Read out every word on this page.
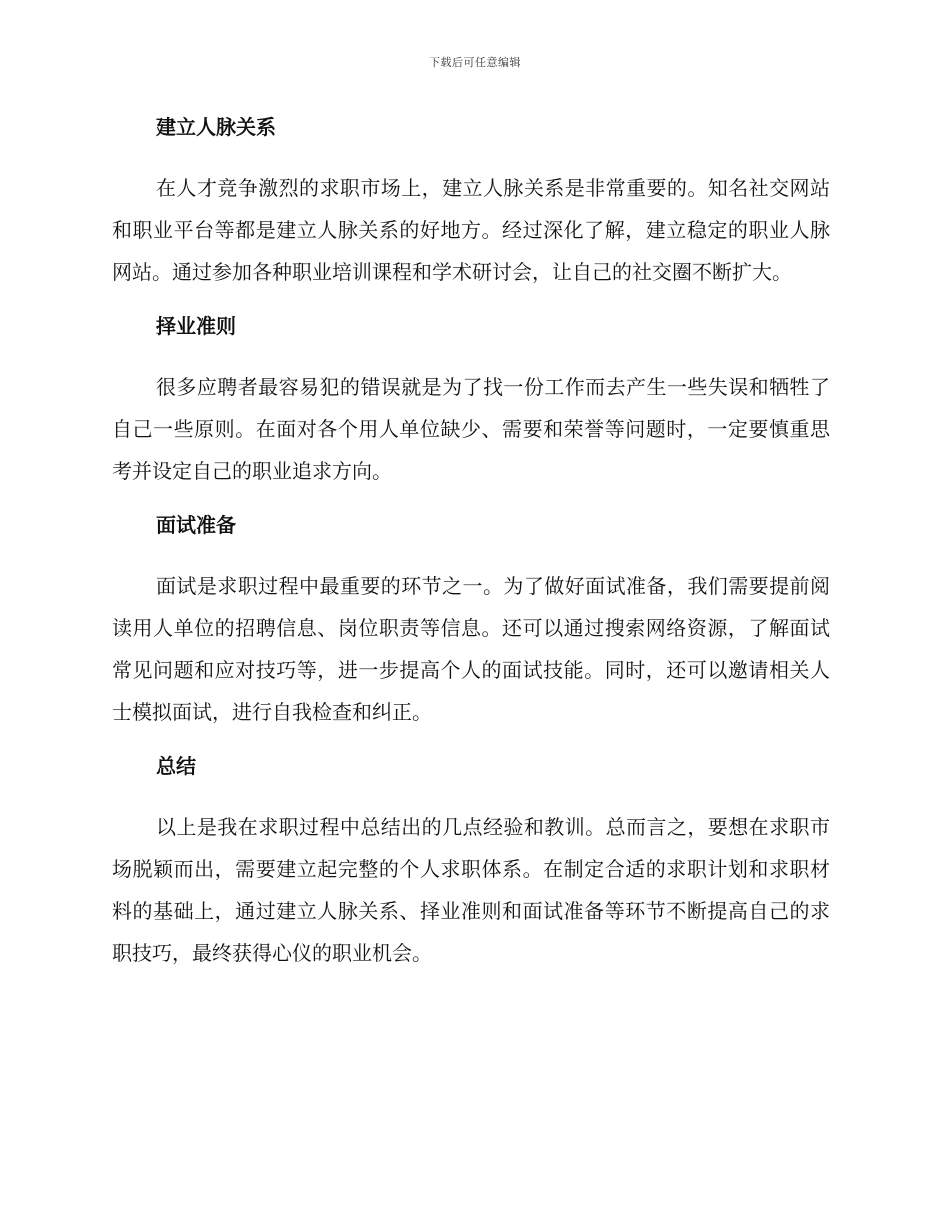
下载后可任意编辑
建立人脉关系

在人才竞争激烈的求职市场上，建立人脉关系是非常重要的。知名社交网站和职业平台等都是建立人脉关系的好地方。经过深化了解，建立稳定的职业人脉网站。通过参加各种职业培训课程和学术研讨会，让自己的社交圈不断扩大。

择业准则

很多应聘者最容易犯的错误就是为了找一份工作而去产生一些失误和牺牲了自己一些原则。在面对各个用人单位缺少、需要和荣誉等问题时，一定要慎重思考并设定自己的职业追求方向。

面试准备

面试是求职过程中最重要的环节之一。为了做好面试准备，我们需要提前阅读用人单位的招聘信息、岗位职责等信息。还可以通过搜索网络资源，了解面试常见问题和应对技巧等，进一步提高个人的面试技能。同时，还可以邀请相关人士模拟面试，进行自我检查和纠正。

总结

以上是我在求职过程中总结出的几点经验和教训。总而言之，要想在求职市场脱颖而出，需要建立起完整的个人求职体系。在制定合适的求职计划和求职材料的基础上，通过建立人脉关系、择业准则和面试准备等环节不断提高自己的求职技巧，最终获得心仪的职业机会。
